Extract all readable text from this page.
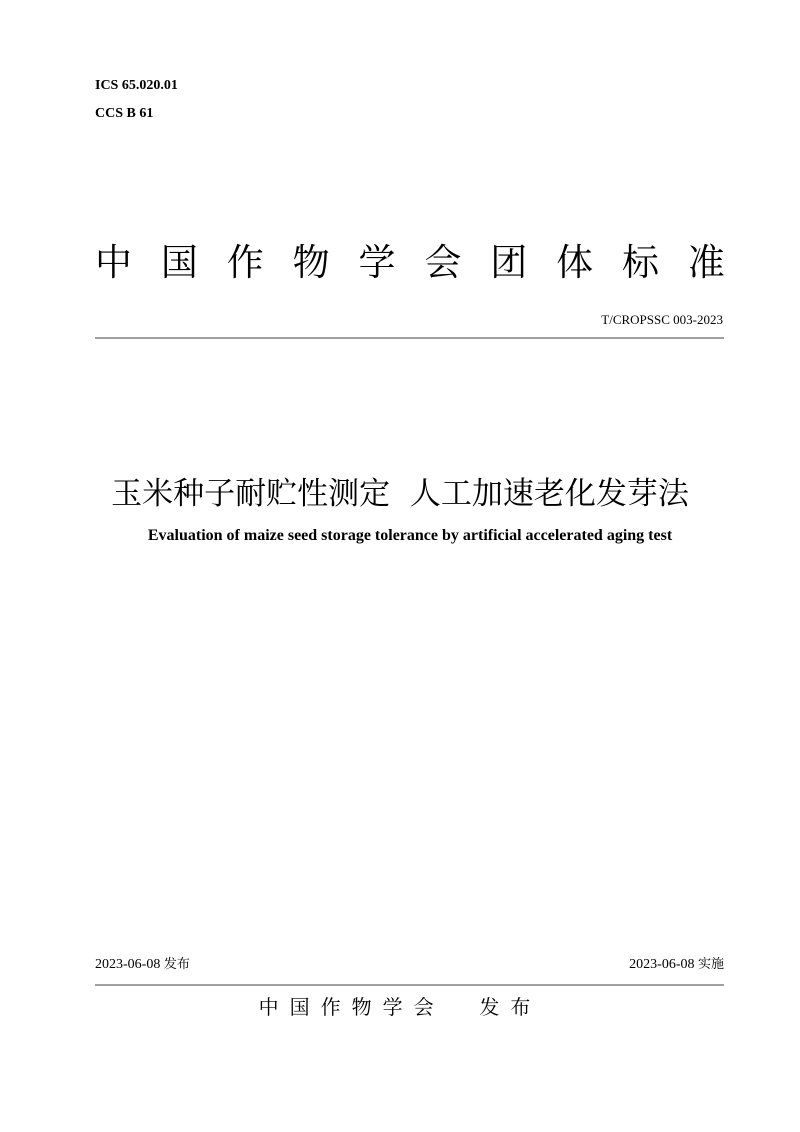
ICS 65.020.01
CCS B 61
中 国 作 物 学 会 团 体 标 准
T/CROPSSC 003-2023
玉米种子耐贮性测定  人工加速老化发芽法
Evaluation of maize seed storage tolerance by artificial accelerated aging test
2023-06-08 发布	2023-06-08 实施
中国作物学会  发布
